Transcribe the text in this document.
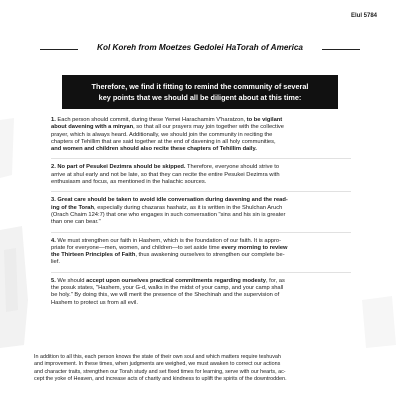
Elul 5784
Kol Koreh from Moetzes Gedolei HaTorah of America
Therefore, we find it fitting to remind the community of several
key points that we should all be diligent about at this time:
1. Each person should commit, during these Yemei Harachamim V'haratzon, to be vigilant
about davening with a minyan, so that all our prayers may join together with the collective
prayer, which is always heard. Additionally, we should join the community in reciting the
chapters of Tehillim that are said together at the end of davening in all holy communities,
and women and children should also recite these chapters of Tehillim daily.
2. No part of Pesukei Dezimra should be skipped. Therefore, everyone should strive to
arrive at shul early and not be late, so that they can recite the entire Pesukei Dezimra with
enthusiasm and focus, as mentioned in the halachic sources.
3. Great care should be taken to avoid idle conversation during davening and the read-
ing of the Torah, especially during chazaras hashatz, as it is written in the Shulchan Aruch
(Orach Chaim 124:7) that one who engages in such conversation "sins and his sin is greater
than one can bear."
4. We must strengthen our faith in Hashem, which is the foundation of our faith. It is appro-
priate for everyone—men, women, and children—to set aside time every morning to review
the Thirteen Principles of Faith, thus awakening ourselves to strengthen our complete be-
lief.
5. We should accept upon ourselves practical commitments regarding modesty, for, as
the posuk states, "Hashem, your G-d, walks in the midst of your camp, and your camp shall
be holy." By doing this, we will merit the presence of the Shechinah and the supervision of
Hashem to protect us from all evil.
In addition to all this, each person knows the state of their own soul and which matters require teshuvah
and improvement. In these times, when judgments are weighed, we must awaken to correct our actions
and character traits, strengthen our Torah study and set fixed times for learning, serve with our hearts, ac-
cept the yoke of Heaven, and increase acts of charity and kindness to uplift the spirits of the downtrodden.
